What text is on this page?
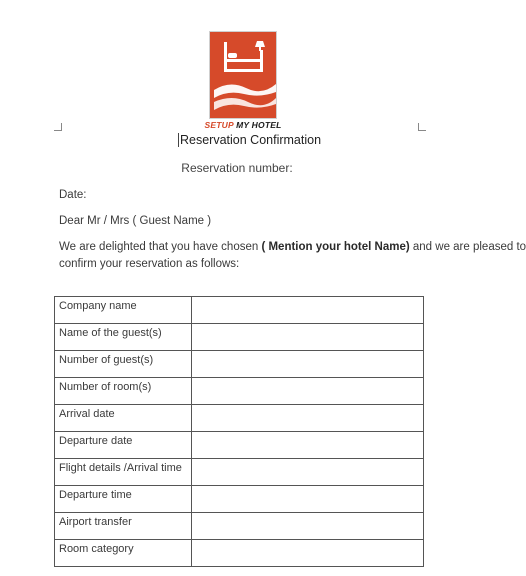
SETUP MY HOTEL
Reservation Confirmation
Reservation number:
Date:
Dear Mr / Mrs ( Guest Name )
We are delighted that you have chosen ( Mention your hotel Name) and we are pleased to
confirm your reservation as follows:
Company name	
Name of the guest(s)	
Number of guest(s)	
Number of room(s)	
Arrival date	
Departure date	
Flight details /Arrival time	
Departure time	
Airport transfer	
Room category	
